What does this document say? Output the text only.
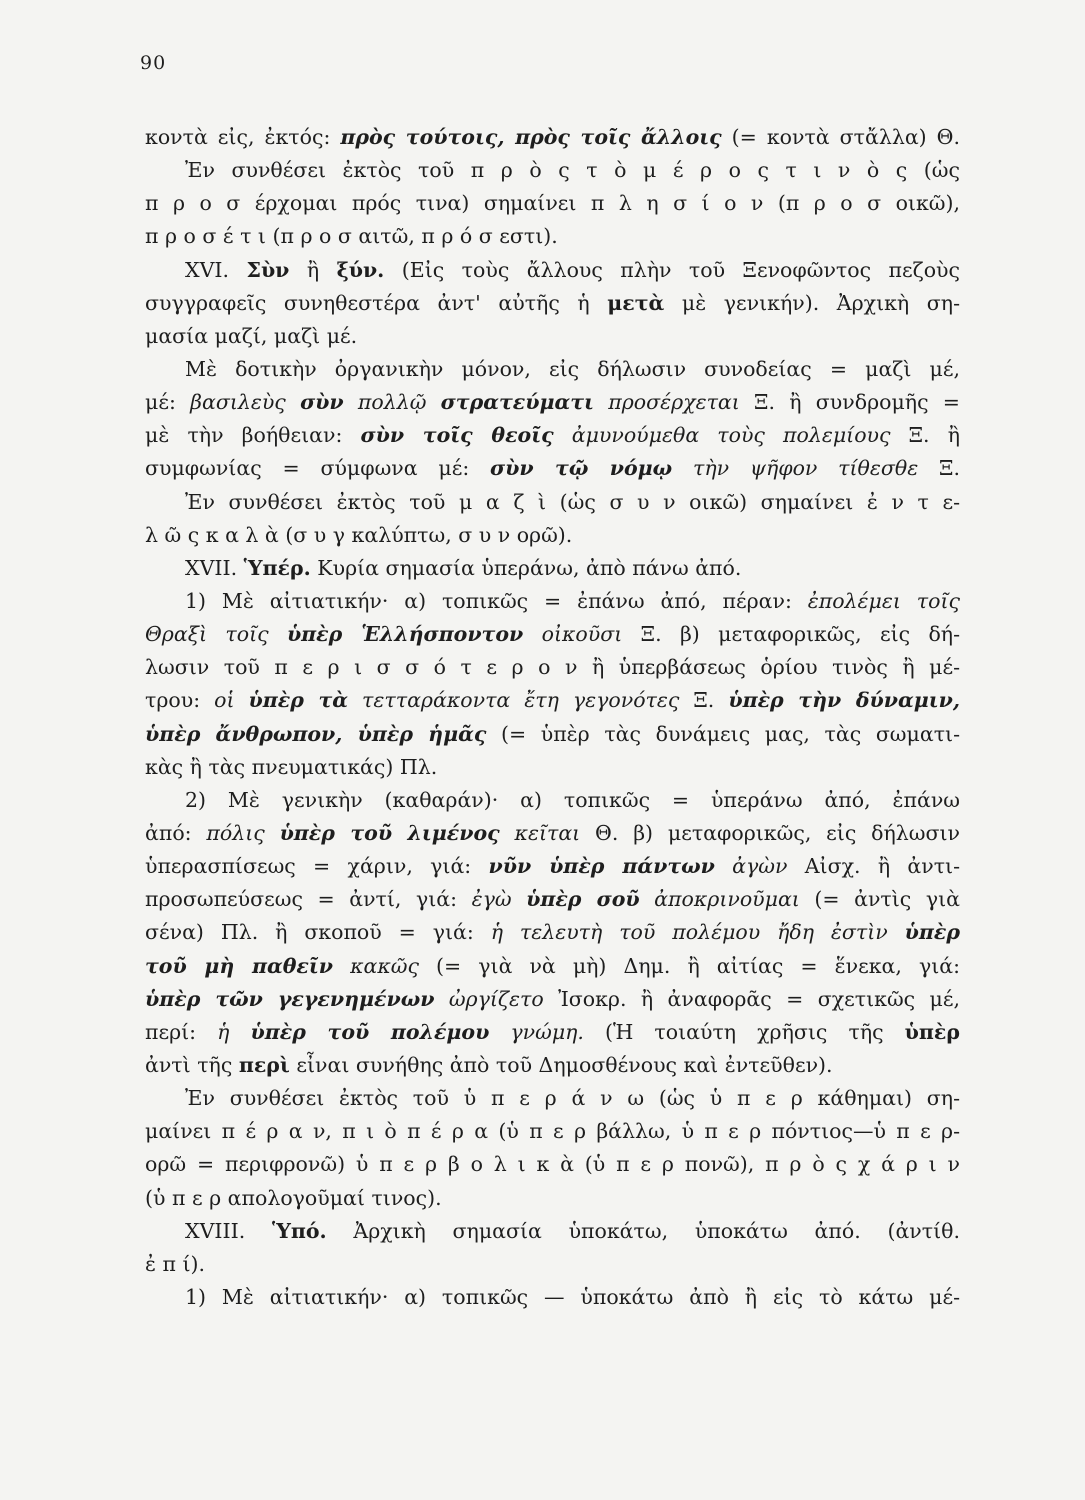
90
κοντὰ εἰς, ἐκτός: πρὸς τούτοις, πρὸς τοῖς ἄλλοις (= κοντὰ στἄλλα) Θ.
Ἐν συνθέσει ἐκτὸς τοῦ π ρ ὸ ς τ ὸ μ έ ρ ο ς τ ι ν ὸ ς (ὡς
π ρ ο σ έρχομαι πρός τινα) σημαίνει π λ η σ ί ο ν (π ρ ο σ οικῶ),
π ρ ο σ έ τ ι (π ρ ο σ αιτῶ, π ρ ό σ εστι).
XVI. Σὺν ἢ ξύν. (Εἰς τοὺς ἄλλους πλὴν τοῦ Ξενοφῶντος πεζοὺς
συγγραφεῖς συνηθεστέρα ἀντ' αὐτῆς ἡ μετὰ μὲ γενικήν). Ἀρχικὴ ση-
μασία μαζί, μαζὶ μέ.
Μὲ δοτικὴν ὀργανικὴν μόνον, εἰς δήλωσιν συνοδείας = μαζὶ μέ,
μέ: βασιλεὺς σὺν πολλῷ στρατεύματι προσέρχεται Ξ. ἢ συνδρομῆς =
μὲ τὴν βοήθειαν: σὺν τοῖς θεοῖς ἀμυνούμεθα τοὺς πολεμίους Ξ. ἢ
συμφωνίας = σύμφωνα μέ: σὺν τῷ νόμῳ τὴν ψῆφον τίθεσθε Ξ.
Ἐν συνθέσει ἐκτὸς τοῦ μ α ζ ὶ (ὡς σ υ ν οικῶ) σημαίνει ἐ ν τ ε-
λ ῶ ς κ α λ ὰ (σ υ γ καλύπτω, σ υ ν ορῶ).
XVII. Ὑπέρ. Κυρία σημασία ὑπεράνω, ἀπὸ πάνω ἀπό.
1) Μὲ αἰτιατικήν· α) τοπικῶς = ἐπάνω ἀπό, πέραν: ἐπολέμει τοῖς
Θραξὶ τοῖς ὑπὲρ Ἑλλήσποντον οἰκοῦσι Ξ. β) μεταφορικῶς, εἰς δή-
λωσιν τοῦ π ε ρ ι σ σ ό τ ε ρ ο ν ἢ ὑπερβάσεως ὁρίου τινὸς ἢ μέ-
τρου: οἱ ὑπὲρ τὰ τετταράκοντα ἔτη γεγονότες Ξ. ὑπὲρ τὴν δύναμιν,
ὑπὲρ ἄνθρωπον, ὑπὲρ ἡμᾶς (= ὑπὲρ τὰς δυνάμεις μας, τὰς σωματι-
κὰς ἢ τὰς πνευματικάς) Πλ.
2) Μὲ γενικὴν (καθαράν)· α) τοπικῶς = ὑπεράνω ἀπό, ἐπάνω
ἀπό: πόλις ὑπὲρ τοῦ λιμένος κεῖται Θ. β) μεταφορικῶς, εἰς δήλωσιν
ὑπερασπίσεως = χάριν, γιά: νῦν ὑπὲρ πάντων ἀγὼν Αἰσχ. ἢ ἀντι-
προσωπεύσεως = ἀντί, γιά: ἐγὼ ὑπὲρ σοῦ ἀποκρινοῦμαι (= ἀντὶς γιὰ
σένα) Πλ. ἢ σκοποῦ = γιά: ἡ τελευτὴ τοῦ πολέμου ἤδη ἐστὶν ὑπὲρ
τοῦ μὴ παθεῖν κακῶς (= γιὰ νὰ μὴ) Δημ. ἢ αἰτίας = ἕνεκα, γιά:
ὑπὲρ τῶν γεγενημένων ὠργίζετο Ἰσοκρ. ἢ ἀναφορᾶς = σχετικῶς μέ,
περί: ἡ ὑπὲρ τοῦ πολέμου γνώμη. (Ἡ τοιαύτη χρῆσις τῆς ὑπὲρ
ἀντὶ τῆς περὶ εἶναι συνήθης ἀπὸ τοῦ Δημοσθένους καὶ ἐντεῦθεν).
Ἐν συνθέσει ἐκτὸς τοῦ ὑ π ε ρ ά ν ω (ὡς ὑ π ε ρ κάθημαι) ση-
μαίνει π έ ρ α ν, π ι ὸ π έ ρ α (ὑ π ε ρ βάλλω, ὑ π ε ρ πόντιος—ὑ π ε ρ-
ορῶ = περιφρονῶ) ὑ π ε ρ β ο λ ι κ ὰ (ὑ π ε ρ πονῶ), π ρ ὸ ς χ ά ρ ι ν
(ὑ π ε ρ απολογοῦμαί τινος).
XVIII. Ὑπό. Ἀρχικὴ σημασία ὑποκάτω, ὑποκάτω ἀπό. (ἀντίθ.
ἐ π ί).
1) Μὲ αἰτιατικήν· α) τοπικῶς — ὑποκάτω ἀπὸ ἢ εἰς τὸ κάτω μέ-
